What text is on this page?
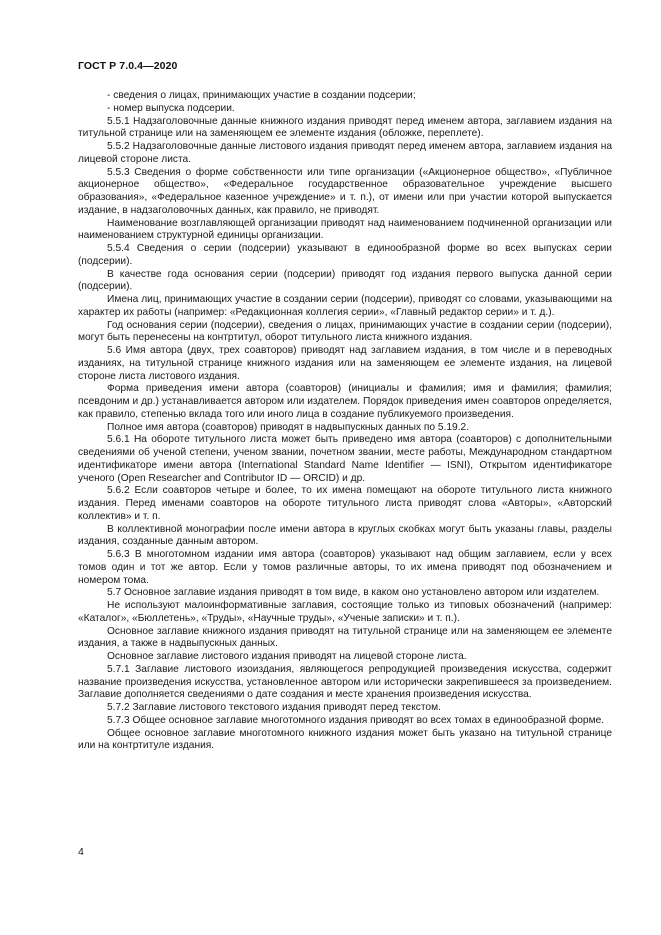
ГОСТ Р 7.0.4—2020

- сведения о лицах, принимающих участие в создании подсерии;

- номер выпуска подсерии.

5.5.1 Надзаголовочные данные книжного издания приводят перед именем автора, заглавием издания на титульной странице или на заменяющем ее элементе издания (обложке, переплете).

5.5.2 Надзаголовочные данные листового издания приводят перед именем автора, заглавием издания на лицевой стороне листа.

5.5.3 Сведения о форме собственности или типе организации («Акционерное общество», «Публичное акционерное общество», «Федеральное государственное образовательное учреждение высшего образования», «Федеральное казенное учреждение» и т. п.), от имени или при участии которой выпускается издание, в надзаголовочных данных, как правило, не приводят.

Наименование возглавляющей организации приводят над наименованием подчиненной организации или наименованием структурной единицы организации.

5.5.4 Сведения о серии (подсерии) указывают в единообразной форме во всех выпусках серии (подсерии).

В качестве года основания серии (подсерии) приводят год издания первого выпуска данной серии (подсерии).

Имена лиц, принимающих участие в создании серии (подсерии), приводят со словами, указывающими на характер их работы (например: «Редакционная коллегия серии», «Главный редактор серии» и т. д.).

Год основания серии (подсерии), сведения о лицах, принимающих участие в создании серии (подсерии), могут быть перенесены на контртитул, оборот титульного листа книжного издания.

5.6 Имя автора (двух, трех соавторов) приводят над заглавием издания, в том числе и в переводных изданиях, на титульной странице книжного издания или на заменяющем ее элементе издания, на лицевой стороне листа листового издания.

Форма приведения имени автора (соавторов) (инициалы и фамилия; имя и фамилия; фамилия; псевдоним и др.) устанавливается автором или издателем. Порядок приведения имен соавторов определяется, как правило, степенью вклада того или иного лица в создание публикуемого произведения.

Полное имя автора (соавторов) приводят в надвыпускных данных по 5.19.2.

5.6.1 На обороте титульного листа может быть приведено имя автора (соавторов) с дополнительными сведениями об ученой степени, ученом звании, почетном звании, месте работы, Международном стандартном идентификаторе имени автора (International Standard Name Identifier — ISNI), Открытом идентификаторе ученого (Open Researcher and Contributor ID — ORCID) и др.

5.6.2 Если соавторов четыре и более, то их имена помещают на обороте титульного листа книжного издания. Перед именами соавторов на обороте титульного листа приводят слова «Авторы», «Авторский коллектив» и т. п.

В коллективной монографии после имени автора в круглых скобках могут быть указаны главы, разделы издания, созданные данным автором.

5.6.3 В многотомном издании имя автора (соавторов) указывают над общим заглавием, если у всех томов один и тот же автор. Если у томов различные авторы, то их имена приводят под обозначением и номером тома.

5.7 Основное заглавие издания приводят в том виде, в каком оно установлено автором или издателем.

Не используют малоинформативные заглавия, состоящие только из типовых обозначений (например: «Каталог», «Бюллетень», «Труды», «Научные труды», «Ученые записки» и т. п.).

Основное заглавие книжного издания приводят на титульной странице или на заменяющем ее элементе издания, а также в надвыпускных данных.

Основное заглавие листового издания приводят на лицевой стороне листа.

5.7.1 Заглавие листового изоиздания, являющегося репродукцией произведения искусства, содержит название произведения искусства, установленное автором или исторически закрепившееся за произведением. Заглавие дополняется сведениями о дате создания и месте хранения произведения искусства.

5.7.2 Заглавие листового текстового издания приводят перед текстом.

5.7.3 Общее основное заглавие многотомного издания приводят во всех томах в единообразной форме.

Общее основное заглавие многотомного книжного издания может быть указано на титульной странице или на контртитуле издания.

4
